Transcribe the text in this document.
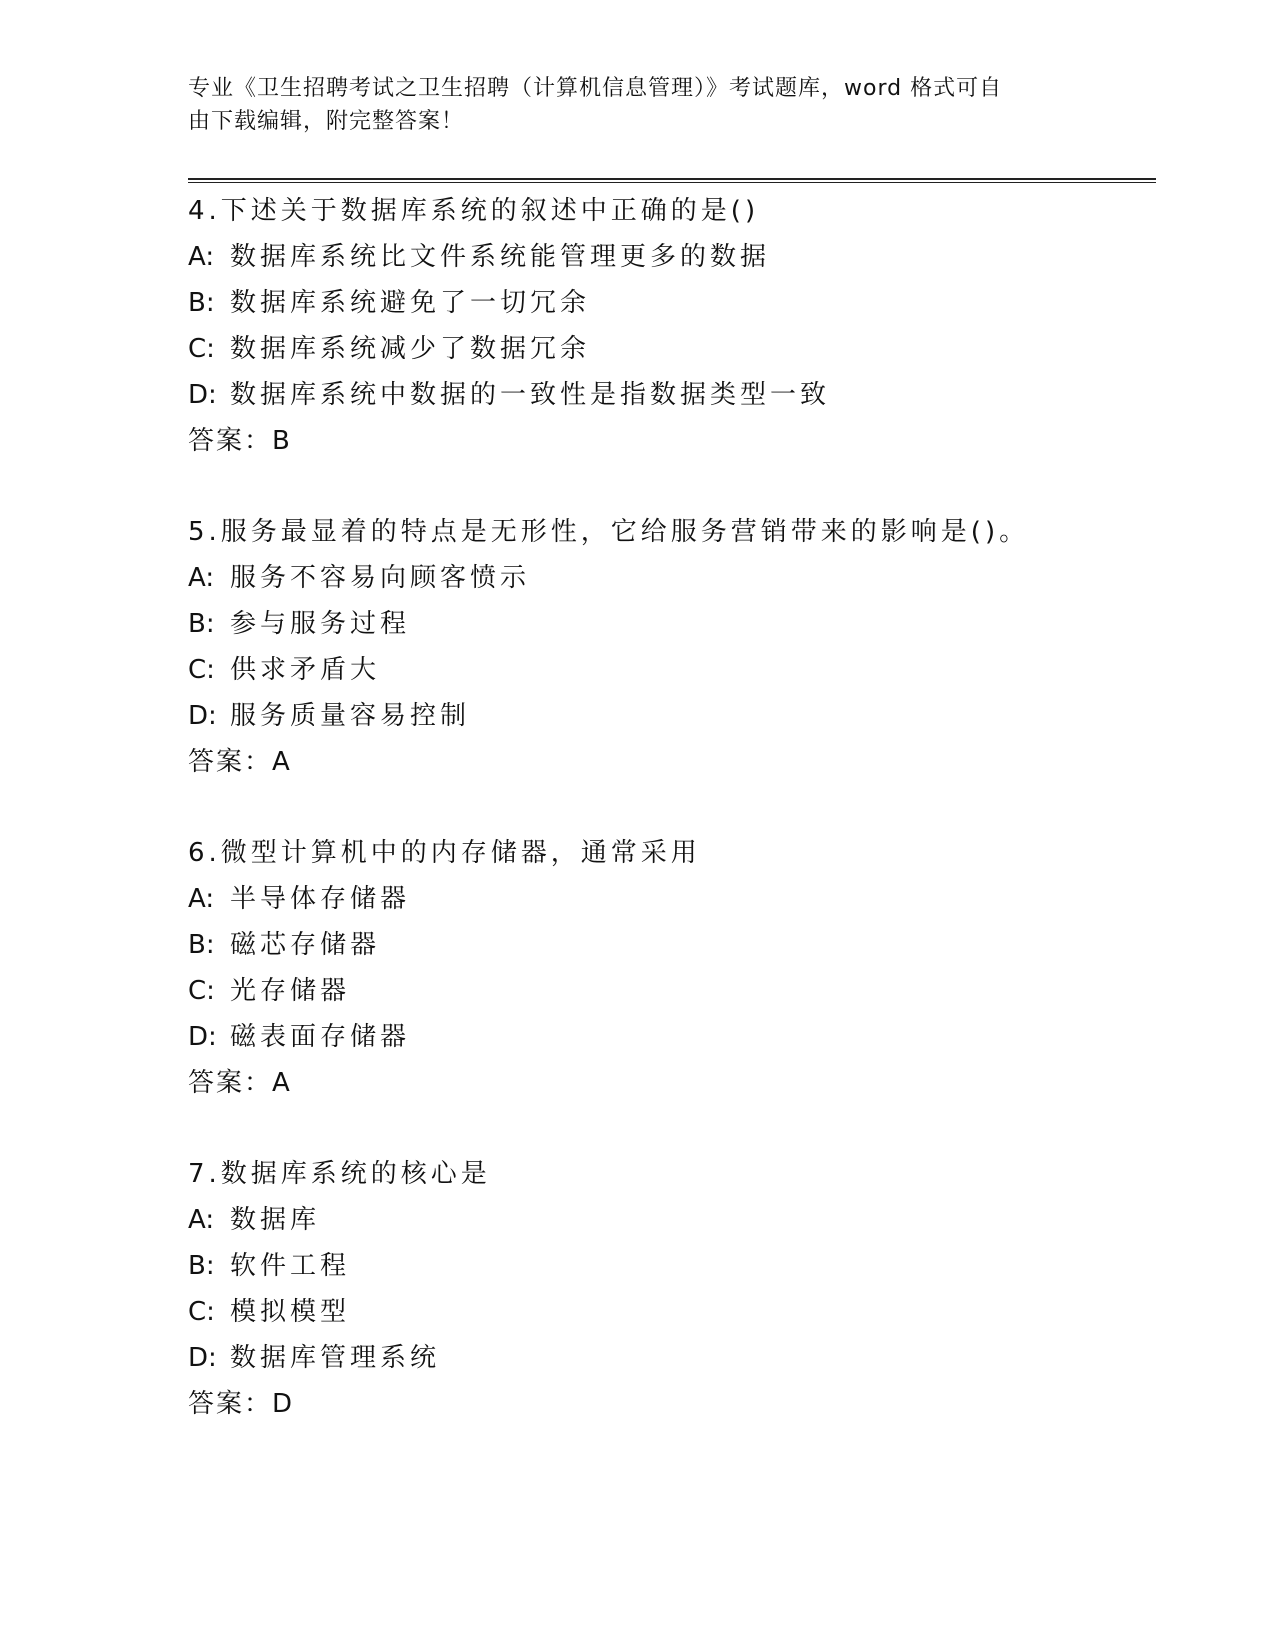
专业《卫生招聘考试之卫生招聘（计算机信息管理）》考试题库，word 格式可自
由下载编辑，附完整答案！
4.下述关于数据库系统的叙述中正确的是()
A: 数据库系统比文件系统能管理更多的数据
B: 数据库系统避免了一切冗余
C: 数据库系统减少了数据冗余
D: 数据库系统中数据的一致性是指数据类型一致
答案：B
5.服务最显着的特点是无形性，它给服务营销带来的影响是()。
A: 服务不容易向顾客愤示
B: 参与服务过程
C: 供求矛盾大
D: 服务质量容易控制
答案：A
6.微型计算机中的内存储器，通常采用
A: 半导体存储器
B: 磁芯存储器
C: 光存储器
D: 磁表面存储器
答案：A
7.数据库系统的核心是
A: 数据库
B: 软件工程
C: 模拟模型
D: 数据库管理系统
答案：D
